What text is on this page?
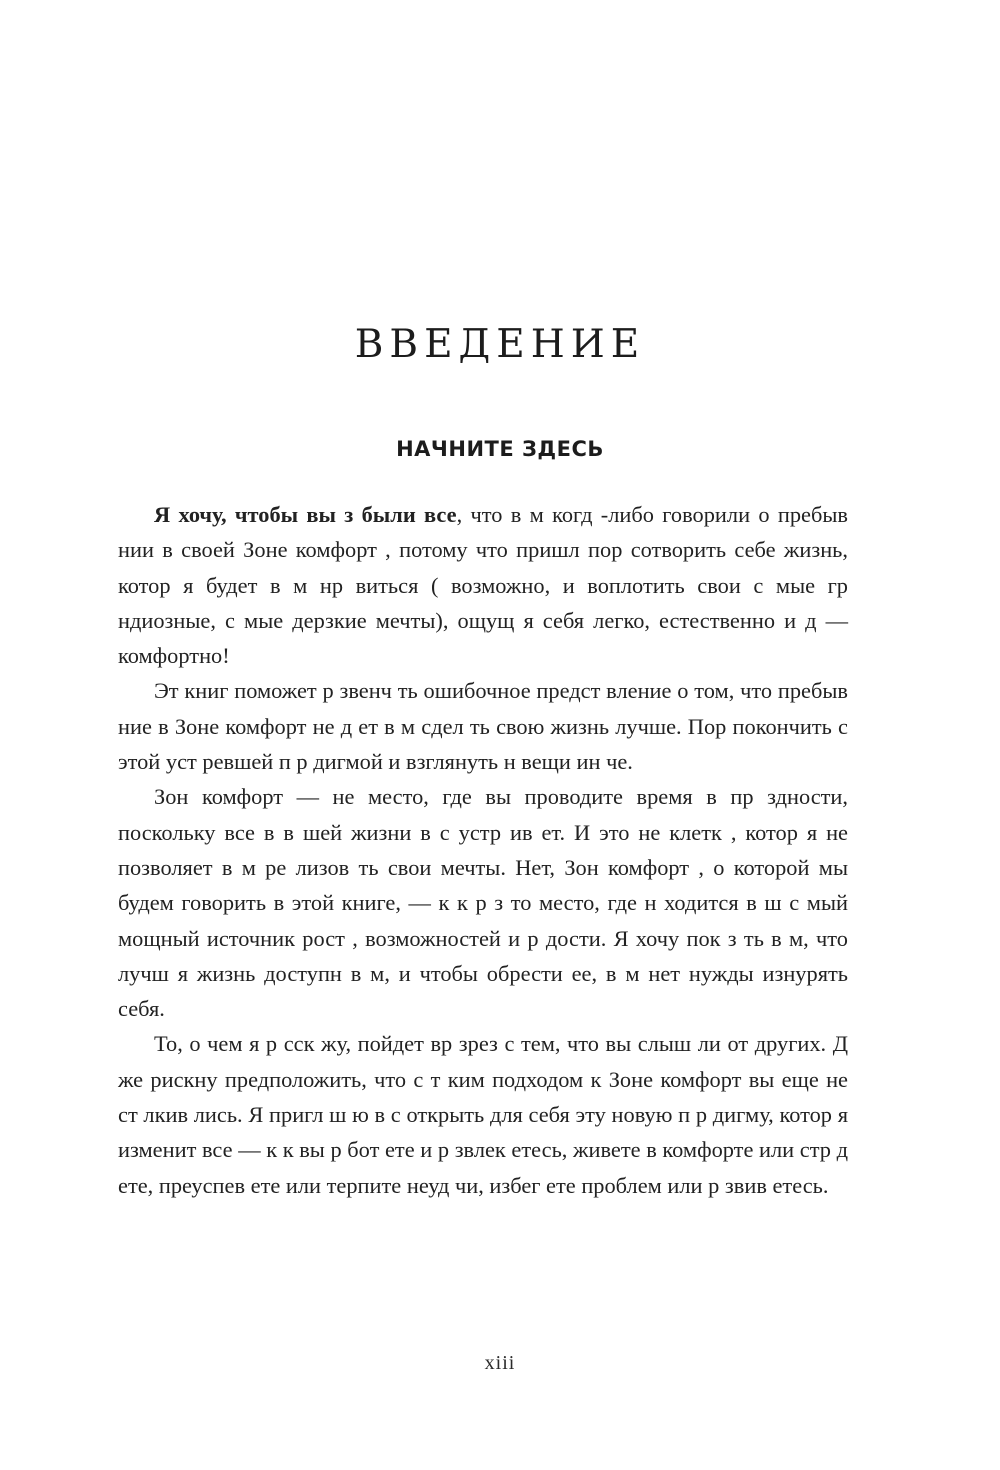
ВВЕДЕНИЕ
НАЧНИТЕ ЗДЕСЬ

Я хочу, чтобы вы з были все, что в м когд -либо говорили о пребыв нии в своей Зоне комфорт , потому что пришл пор сотворить себе жизнь, котор я будет в м нр виться ( возможно, и воплотить свои с мые гр ндиозные, с мые дерзкие мечты), ощущ я себя легко, естественно и д — комфортно!

Эт книг поможет р звенч ть ошибочное предст вление о том, что пребыв ние в Зоне комфорт не д ет в м сдел ть свою жизнь лучше. Пор покончить с этой уст ревшей п р дигмой и взглянуть н вещи ин че.

Зон комфорт — не место, где вы проводите время в пр здности, поскольку все в в шей жизни в с устр ив ет. И это не клетк , котор я не позволяет в м ре лизов ть свои мечты. Нет, Зон комфорт , о которой мы будем говорить в этой книге, — к к р з то место, где н ходится в ш с мый мощный источник рост , возможностей и р дости. Я хочу пок з ть в м, что лучш я жизнь доступн в м, и чтобы обрести ее, в м нет нужды изнурять себя.

То, о чем я р сск жу, пойдет вр зрез с тем, что вы слыш ли от других. Д же рискну предположить, что с т ким подходом к Зоне комфорт вы еще не ст лкив лись. Я пригл ш ю в с открыть для себя эту новую п р дигму, котор я изменит все — к к вы р бот ете и р звлек етесь, живете в комфорте или стр д ете, преуспев ете или терпите неуд чи, избег ете проблем или р звив етесь.

xiii
